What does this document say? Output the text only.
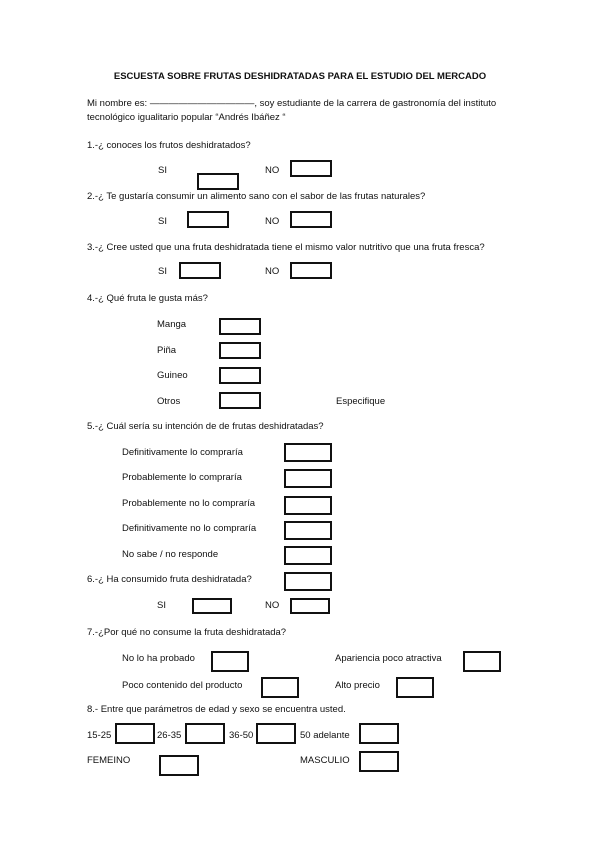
ESCUESTA SOBRE FRUTAS DESHIDRATADAS PARA EL ESTUDIO DEL MERCADO
Mi nombre es: ———————————, soy estudiante de la carrera de gastronomía del instituto
tecnológico igualitario popular “Andrés Ibáñez “
1.-¿ conoces los frutos deshidratados?
SI	NO
2.-¿ Te gustaría consumir un alimento sano con el sabor de las frutas naturales?
SI	NO
3.-¿ Cree usted que una fruta deshidratada tiene el mismo valor nutritivo que una fruta fresca?
SI	NO
4.-¿ Qué fruta le gusta más?
Manga
Piña
Guineo
Otros	Especifique
5.-¿ Cuál sería su intención de de frutas deshidratadas?
Definitivamente lo compraría
Probablemente lo compraría
Probablemente no lo compraría
Definitivamente no lo compraría
No sabe / no responde
6.-¿ Ha consumido fruta deshidratada?
SI	NO
7.-¿Por qué no consume la fruta deshidratada?
No lo ha probado	Apariencia poco atractiva
Poco contenido del producto	Alto precio
8.- Entre que parámetros de edad y sexo se encuentra usted.
15-25	26-35	36-50	50 adelante
FEMEINO	MASCULIO
